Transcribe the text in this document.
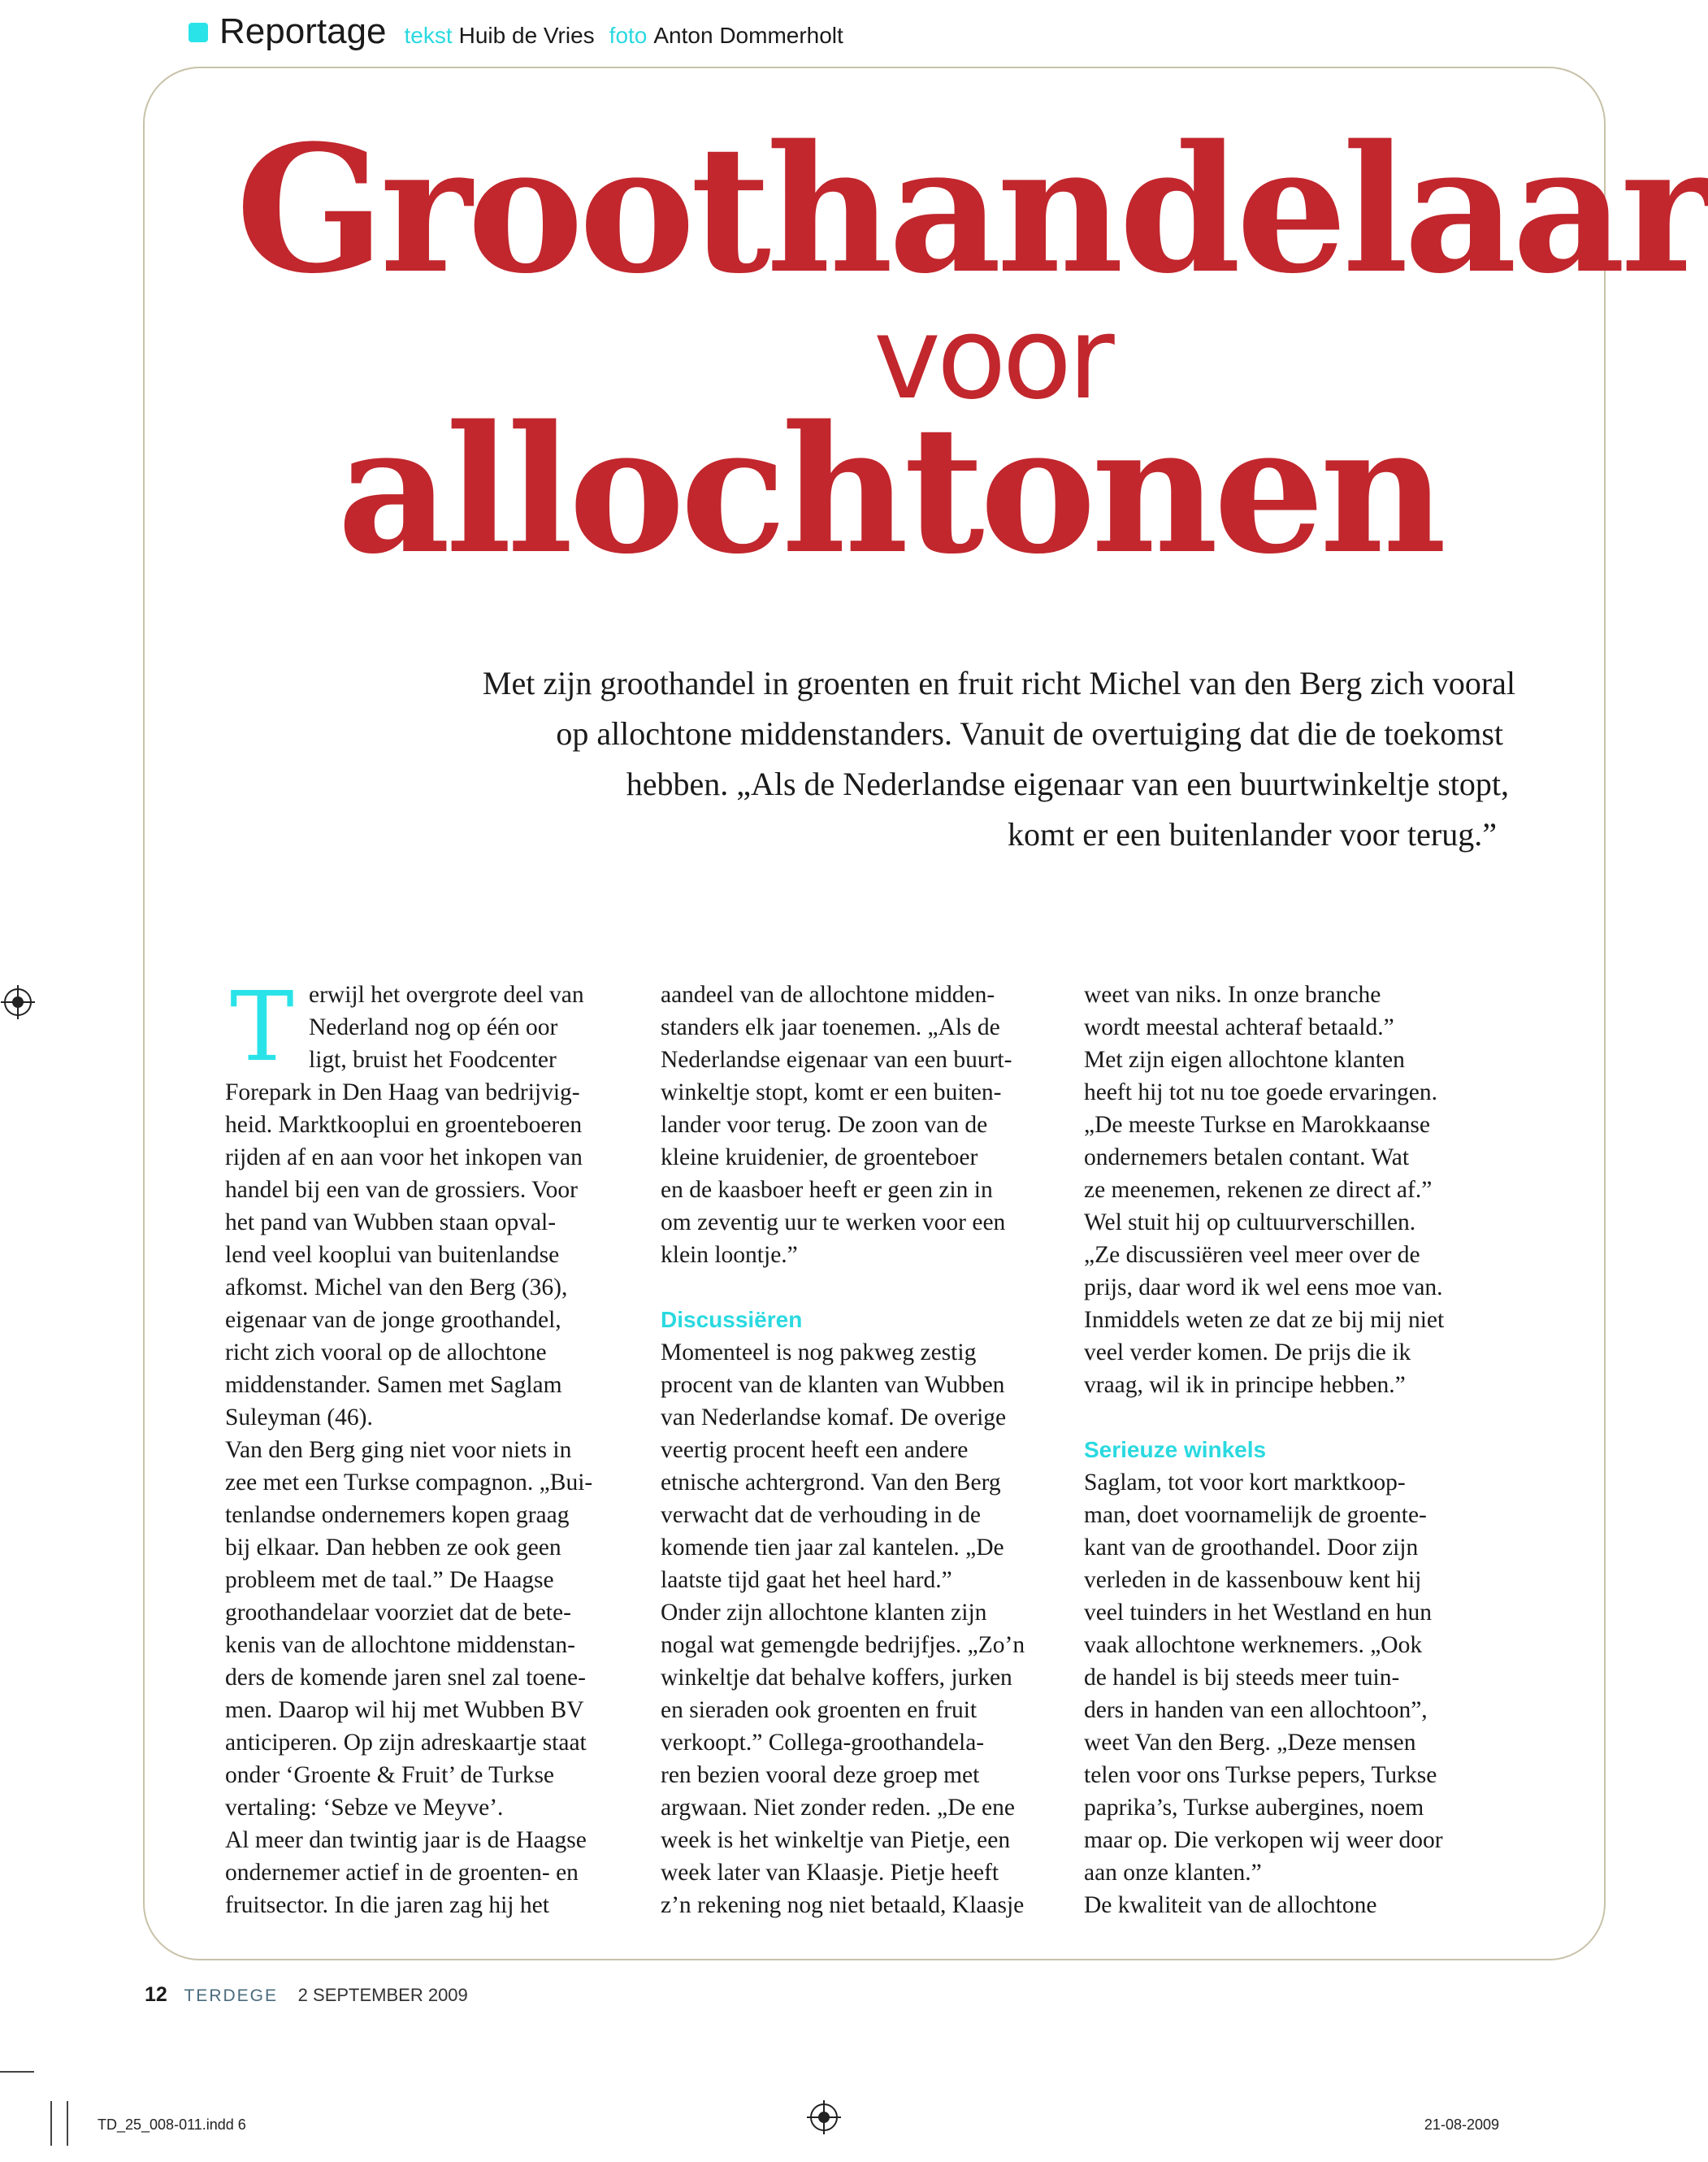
Reportage tekst Huib de Vries foto Anton Dommerholt
Groothandelaar
voor
allochtonen
Met zijn groothandel in groenten en fruit richt Michel van den Berg zich vooral
op allochtone middenstanders. Vanuit de overtuiging dat die de toekomst
hebben. „Als de Nederlandse eigenaar van een buurtwinkeltje stopt,
komt er een buitenlander voor terug.”
T erwijl het overgrote deel van
Nederland nog op één oor
ligt, bruist het Foodcenter
Forepark in Den Haag van bedrijvig-
heid. Marktkooplui en groenteboeren
rijden af en aan voor het inkopen van
handel bij een van de grossiers. Voor
het pand van Wubben staan opval-
lend veel kooplui van buitenlandse
afkomst. Michel van den Berg (36),
eigenaar van de jonge groothandel,
richt zich vooral op de allochtone
middenstander. Samen met Saglam
Suleyman (46).
Van den Berg ging niet voor niets in
zee met een Turkse compagnon. „Bui-
tenlandse ondernemers kopen graag
bij elkaar. Dan hebben ze ook geen
probleem met de taal.” De Haagse
groothandelaar voorziet dat de bete-
kenis van de allochtone middenstan-
ders de komende jaren snel zal toene-
men. Daarop wil hij met Wubben BV
anticiperen. Op zijn adreskaartje staat
onder ‘Groente & Fruit’ de Turkse
vertaling: ‘Sebze ve Meyve’.
Al meer dan twintig jaar is de Haagse
ondernemer actief in de groenten- en
fruitsector. In die jaren zag hij het
aandeel van de allochtone midden-
standers elk jaar toenemen. „Als de
Nederlandse eigenaar van een buurt-
winkeltje stopt, komt er een buiten-
lander voor terug. De zoon van de
kleine kruidenier, de groenteboer
en de kaasboer heeft er geen zin in
om zeventig uur te werken voor een
klein loontje.”
Discussiëren
Momenteel is nog pakweg zestig
procent van de klanten van Wubben
van Nederlandse komaf. De overige
veertig procent heeft een andere
etnische achtergrond. Van den Berg
verwacht dat de verhouding in de
komende tien jaar zal kantelen. „De
laatste tijd gaat het heel hard.”
Onder zijn allochtone klanten zijn
nogal wat gemengde bedrijfjes. „Zo’n
winkeltje dat behalve koffers, jurken
en sieraden ook groenten en fruit
verkoopt.” Collega-groothandela-
ren bezien vooral deze groep met
argwaan. Niet zonder reden. „De ene
week is het winkeltje van Pietje, een
week later van Klaasje. Pietje heeft
z’n rekening nog niet betaald, Klaasje
weet van niks. In onze branche
wordt meestal achteraf betaald.”
Met zijn eigen allochtone klanten
heeft hij tot nu toe goede ervaringen.
„De meeste Turkse en Marokkaanse
ondernemers betalen contant. Wat
ze meenemen, rekenen ze direct af.”
Wel stuit hij op cultuurverschillen.
„Ze discussiëren veel meer over de
prijs, daar word ik wel eens moe van.
Inmiddels weten ze dat ze bij mij niet
veel verder komen. De prijs die ik
vraag, wil ik in principe hebben.”
Serieuze winkels
Saglam, tot voor kort marktkoop-
man, doet voornamelijk de groente-
kant van de groothandel. Door zijn
verleden in de kassenbouw kent hij
veel tuinders in het Westland en hun
vaak allochtone werknemers. „Ook
de handel is bij steeds meer tuin-
ders in handen van een allochtoon”,
weet Van den Berg. „Deze mensen
telen voor ons Turkse pepers, Turkse
paprika’s, Turkse aubergines, noem
maar op. Die verkopen wij weer door
aan onze klanten.”
De kwaliteit van de allochtone
12 TERDEGE 2 SEPTEMBER 2009
TD_25_008-011.indd 6	21-08-2009
